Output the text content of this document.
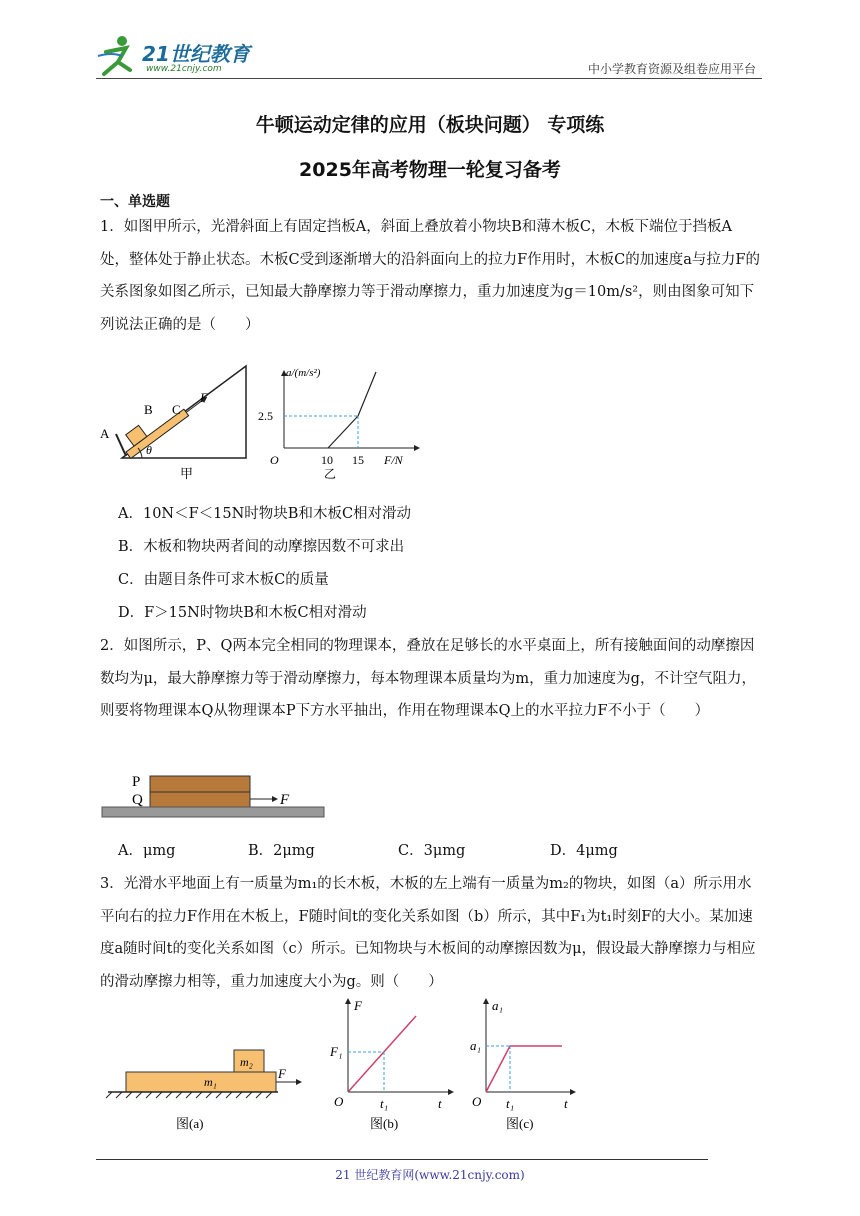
21世纪教育
www.21cnjy.com	中小学教育资源及组卷应用平台
牛顿运动定律的应用（板块问题） 专项练
2025年高考物理一轮复习备考
一、单选题

1．如图甲所示，光滑斜面上有固定挡板A，斜面上叠放着小物块B和薄木板C，木板下端位于挡板A处，整体处于静止状态。木板C受到逐渐增大的沿斜面向上的拉力F作用时，木板C的加速度a与拉力F的关系图象如图乙所示，已知最大静摩擦力等于滑动摩擦力，重力加速度为g＝10m/s²，则由图象可知下列说法正确的是（　　）

A
B C
F
θ
甲
a/(m/s²)
2.5
O	10 15 F/N
乙
A．10N＜F＜15N时物块B和木板C相对滑动
B．木板和物块两者间的动摩擦因数不可求出
C．由题目条件可求木板C的质量
D．F＞15N时物块B和木板C相对滑动

2．如图所示，P、Q两本完全相同的物理课本，叠放在足够长的水平桌面上，所有接触面间的动摩擦因数均为μ，最大静摩擦力等于滑动摩擦力，每本物理课本质量均为m，重力加速度为g，不计空气阻力，则要将物理课本Q从物理课本P下方水平抽出，作用在物理课本Q上的水平拉力F不小于（　　）

P
Q	F
A．μmg	B．2μmg	C．3μmg	D．4μmg

3．光滑水平地面上有一质量为m₁的长木板，木板的左上端有一质量为m₂的物块，如图（a）所示用水平向右的拉力F作用在木板上，F随时间t的变化关系如图（b）所示，其中F₁为t₁时刻F的大小。某加速度a随时间t的变化关系如图（c）所示。已知物块与木板间的动摩擦因数为μ，假设最大静摩擦力与相应的滑动摩擦力相等，重力加速度大小为g。则（　　）

m₂
m₁
F
图(a)
F
F₁
O	t₁	t
图(b)
a₁
a₁
O t₁	t
图(c)
21 世纪教育网(www.21cnjy.com)
